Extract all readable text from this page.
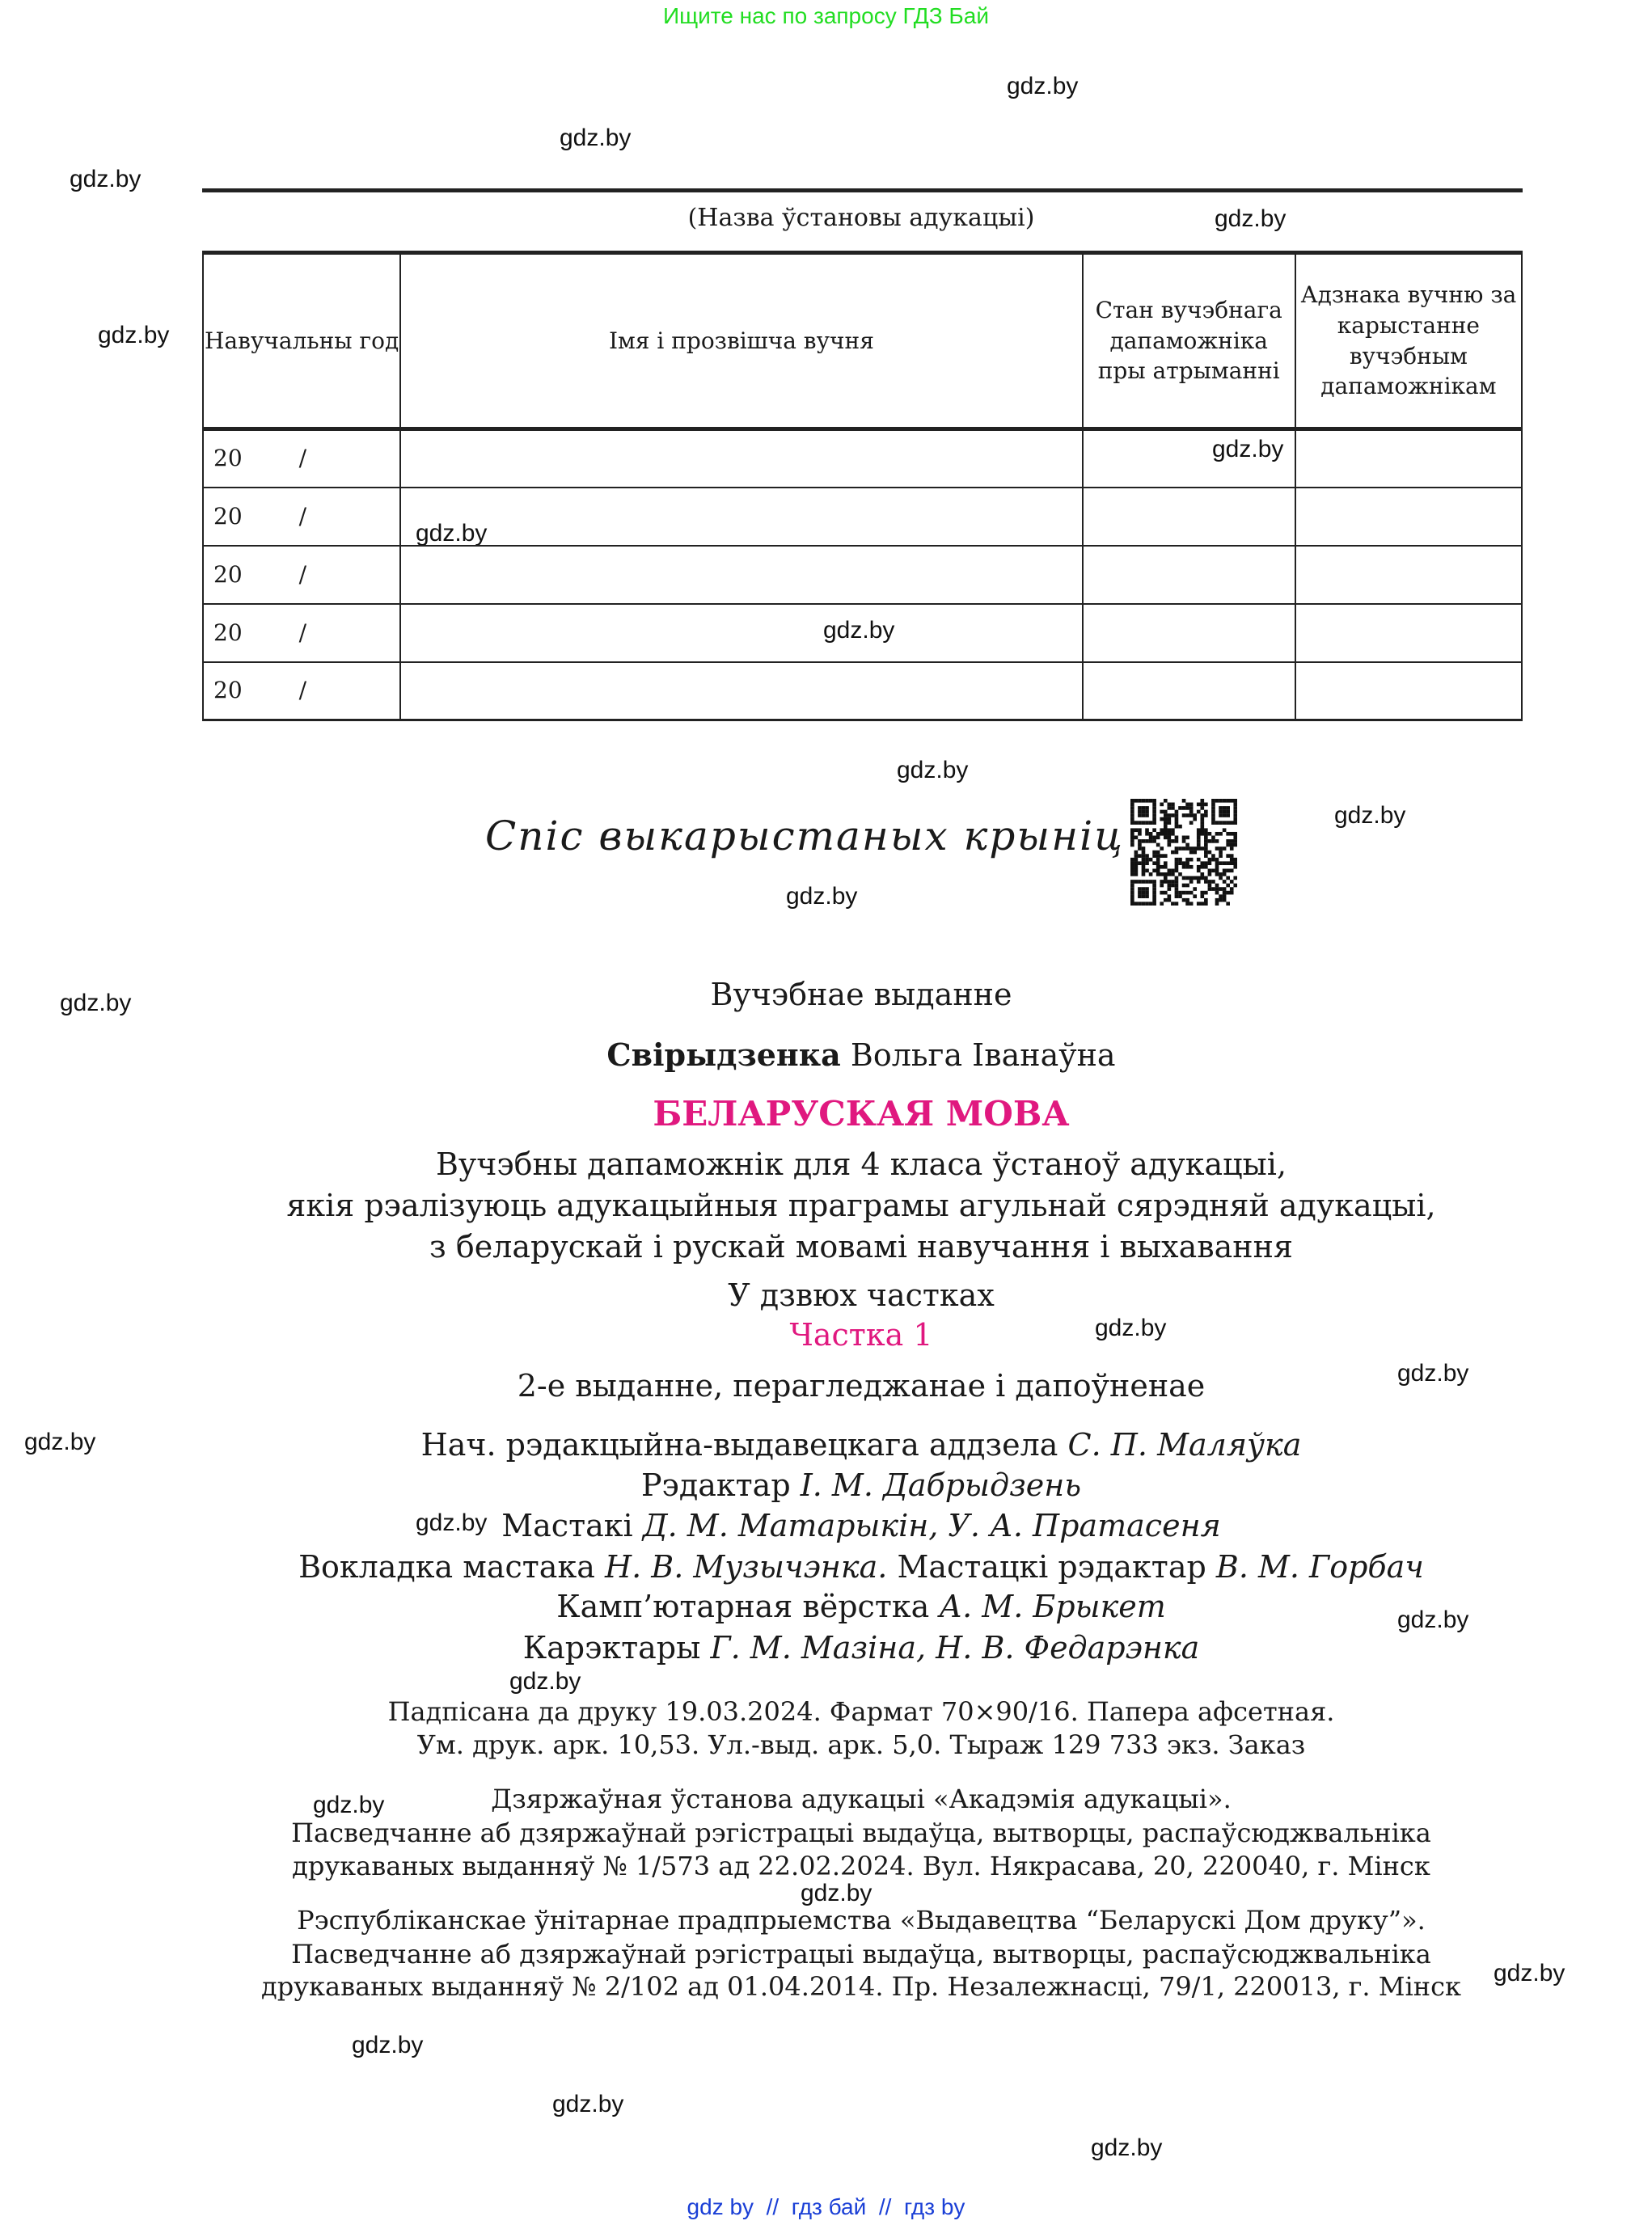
Ищите нас по запросу ГДЗ Бай
gdz.by
gdz.by
gdz.by
gdz.by
gdz.by
gdz.by
gdz.by
gdz.by
gdz.by
gdz.by
gdz.by
gdz.by
gdz.by
gdz.by
gdz.by
gdz.by
gdz.by
gdz.by
gdz.by
gdz.by
gdz.by
gdz.by
gdz.by
gdz.by
(Назва ўстановы адукацыі)
Навучальны год	Імя і прозвішча вучня	Стан вучэбнага дапаможніка пры атрыманні	Адзнака вучню за карыстанне вучэбным дапаможнікам
20 /			
20 /			
20 /			
20 /			
20 /			
Спіс выкарыстаных крыніц
Вучэбнае выданне
Свірыдзенка Вольга Іванаўна
БЕЛАРУСКАЯ МОВА
Вучэбны дапаможнік для 4 класа ўстаноў адукацыі,
якія рэалізуюць адукацыйныя праграмы агульнай сярэдняй адукацыі,
з беларускай і рускай мовамі навучання і выхавання
У дзвюх частках
Частка 1
2-е выданне, перагледжанае і дапоўненае
Нач. рэдакцыйна-выдавецкага аддзела С. П. Маляўка
Рэдактар І. М. Дабрыдзень
Мастакі Д. М. Матарыкін, У. А. Пратасеня
Вокладка мастака Н. В. Музычэнка. Мастацкі рэдактар В. М. Горбач
Камп’ютарная вёрстка А. М. Брыкет
Карэктары Г. М. Мазіна, Н. В. Федарэнка
Падпісана да друку 19.03.2024. Фармат 70×90/16. Папера афсетная.
Ум. друк. арк. 10,53. Ул.-выд. арк. 5,0. Тыраж 129 733 экз. Заказ
Дзяржаўная ўстанова адукацыі «Акадэмія адукацыі».
Пасведчанне аб дзяржаўнай рэгістрацыі выдаўца, вытворцы, распаўсюджвальніка
друкаваных выданняў № 1/573 ад 22.02.2024. Вул. Някрасава, 20, 220040, г. Мінск
Рэспубліканскае ўнітарнае прадпрыемства «Выдавецтва “Беларускі Дом друку”».
Пасведчанне аб дзяржаўнай рэгістрацыі выдаўца, вытворцы, распаўсюджвальніка
друкаваных выданняў № 2/102 ад 01.04.2014. Пр. Незалежнасці, 79/1, 220013, г. Мінск
gdz by // гдз бай // гдз by
